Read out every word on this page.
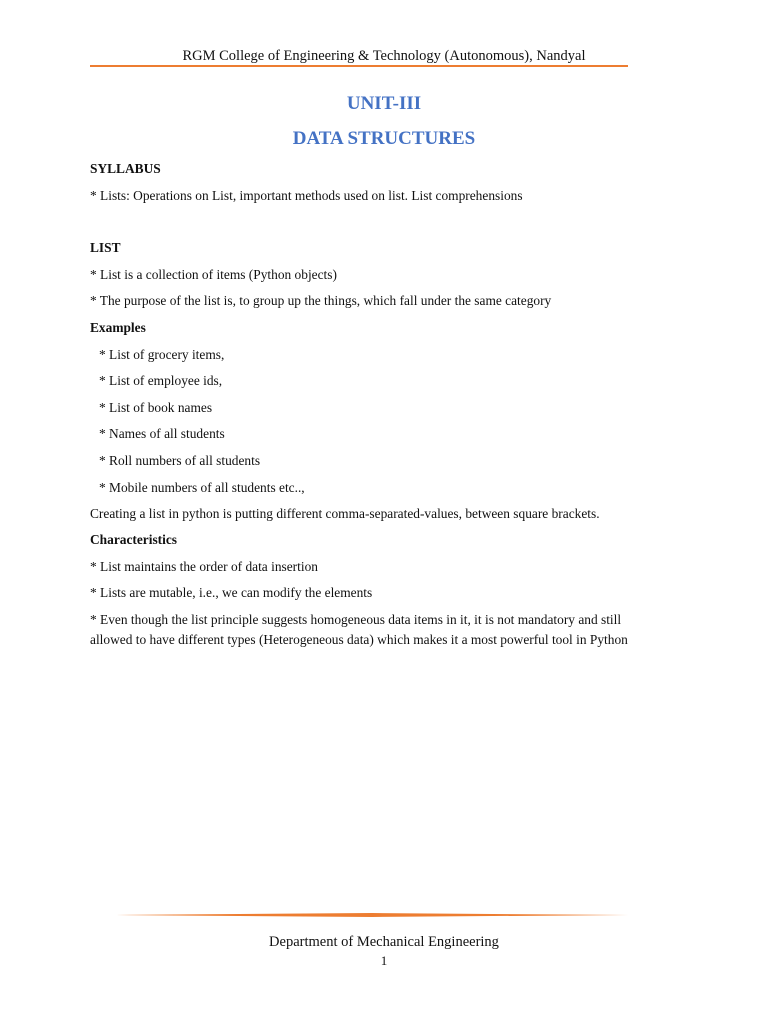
RGM College of Engineering & Technology (Autonomous), Nandyal
UNIT-III
DATA STRUCTURES
SYLLABUS
* Lists: Operations on List, important methods used on list. List comprehensions
LIST
* List is a collection of items (Python objects)
* The purpose of the list is, to group up the things, which fall under the same category
Examples
* List of grocery items,
* List of employee ids,
* List of book names
* Names of all students
* Roll numbers of all students
* Mobile numbers of all students etc..,
Creating a list in python is putting different comma-separated-values, between square brackets.
Characteristics
* List maintains the order of data insertion
* Lists are mutable, i.e., we can modify the elements
* Even though the list principle suggests homogeneous data items in it, it is not mandatory and still allowed to have different types (Heterogeneous data) which makes it a most powerful tool in Python
Department of Mechanical Engineering
1
